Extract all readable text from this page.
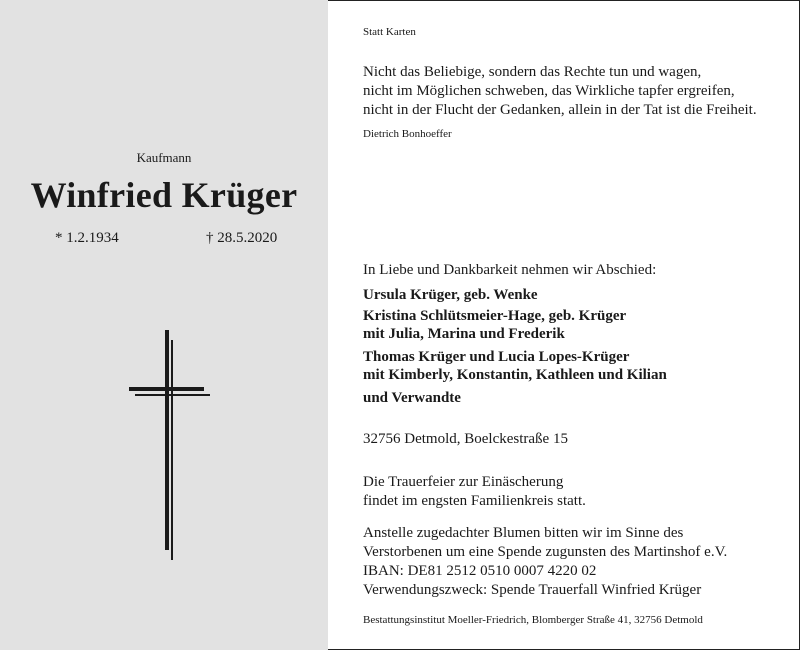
Kaufmann
Winfried Krüger
* 1.2.1934	† 28.5.2020
Statt Karten
Nicht das Beliebige, sondern das Rechte tun und wagen,
nicht im Möglichen schweben, das Wirkliche tapfer ergreifen,
nicht in der Flucht der Gedanken, allein in der Tat ist die Freiheit.
Dietrich Bonhoeffer
In Liebe und Dankbarkeit nehmen wir Abschied:
Ursula Krüger, geb. Wenke
Kristina Schlütsmeier-Hage, geb. Krüger
mit Julia, Marina und Frederik
Thomas Krüger und Lucia Lopes-Krüger
mit Kimberly, Konstantin, Kathleen und Kilian
und Verwandte
32756 Detmold, Boelckestraße 15
Die Trauerfeier zur Einäscherung
findet im engsten Familienkreis statt.
Anstelle zugedachter Blumen bitten wir im Sinne des
Verstorbenen um eine Spende zugunsten des Martinshof e.V.
IBAN: DE81 2512 0510 0007 4220 02
Verwendungszweck: Spende Trauerfall Winfried Krüger
Bestattungsinstitut Moeller-Friedrich, Blomberger Straße 41, 32756 Detmold
